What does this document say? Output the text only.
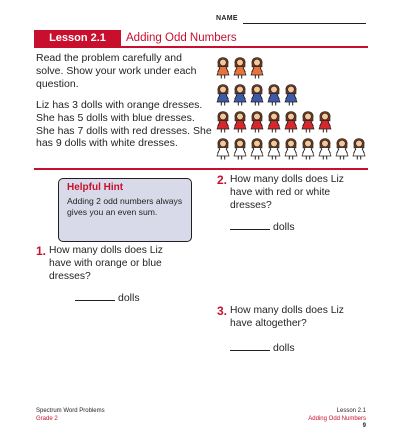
NAME
Lesson 2.1	Adding Odd Numbers
Read the problem carefully and solve. Show your work under each question.
Liz has 3 dolls with orange dresses. She has 5 dolls with blue dresses. She has 7 dolls with red dresses. She has 9 dolls with white dresses.
Helpful Hint
Adding 2 odd numbers always gives you an even sum.
1. How many dolls does Liz have with orange or blue dresses?
dolls
2. How many dolls does Liz have with red or white dresses?
dolls
3. How many dolls does Liz have altogether?
dolls
Spectrum Word Problems
Grade 2
Lesson 2.1
Adding Odd Numbers
9
